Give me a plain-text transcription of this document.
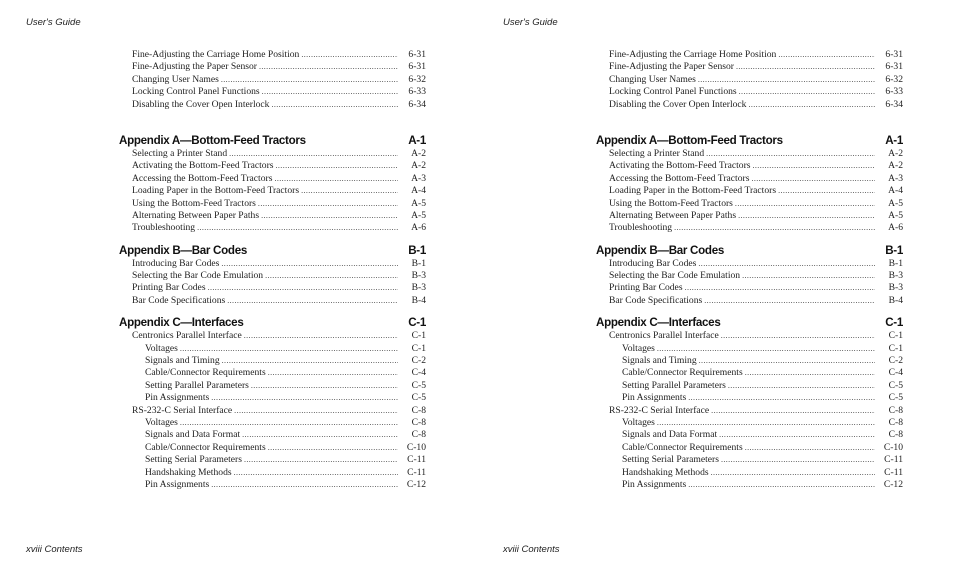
User's Guide
Fine-Adjusting the Carriage Home Position .....	6-31
Fine-Adjusting the Paper Sensor .....	6-31
Changing User Names .....	6-32
Locking Control Panel Functions .....	6-33
Disabling the Cover Open Interlock .....	6-34
Appendix A—Bottom-Feed Tractors	A-1
Selecting a Printer Stand .....	A-2
Activating the Bottom-Feed Tractors .....	A-2
Accessing the Bottom-Feed Tractors .....	A-3
Loading Paper in the Bottom-Feed Tractors .....	A-4
Using the Bottom-Feed Tractors .....	A-5
Alternating Between Paper Paths .....	A-5
Troubleshooting .....	A-6
Appendix B—Bar Codes	B-1
Introducing Bar Codes .....	B-1
Selecting the Bar Code Emulation .....	B-3
Printing Bar Codes .....	B-3
Bar Code Specifications .....	B-4
Appendix C—Interfaces	C-1
Centronics Parallel Interface .....	C-1
Voltages .....	C-1
Signals and Timing .....	C-2
Cable/Connector Requirements .....	C-4
Setting Parallel Parameters .....	C-5
Pin Assignments .....	C-5
RS-232-C Serial Interface .....	C-8
Voltages .....	C-8
Signals and Data Format .....	C-8
Cable/Connector Requirements .....	C-10
Setting Serial Parameters .....	C-11
Handshaking Methods .....	C-11
Pin Assignments .....	C-12
xviii Contents
User's Guide
Fine-Adjusting the Carriage Home Position .....	6-31
Fine-Adjusting the Paper Sensor .....	6-31
Changing User Names .....	6-32
Locking Control Panel Functions .....	6-33
Disabling the Cover Open Interlock .....	6-34
Appendix A—Bottom-Feed Tractors	A-1
Selecting a Printer Stand .....	A-2
Activating the Bottom-Feed Tractors .....	A-2
Accessing the Bottom-Feed Tractors .....	A-3
Loading Paper in the Bottom-Feed Tractors .....	A-4
Using the Bottom-Feed Tractors .....	A-5
Alternating Between Paper Paths .....	A-5
Troubleshooting .....	A-6
Appendix B—Bar Codes	B-1
Introducing Bar Codes .....	B-1
Selecting the Bar Code Emulation .....	B-3
Printing Bar Codes .....	B-3
Bar Code Specifications .....	B-4
Appendix C—Interfaces	C-1
Centronics Parallel Interface .....	C-1
Voltages .....	C-1
Signals and Timing .....	C-2
Cable/Connector Requirements .....	C-4
Setting Parallel Parameters .....	C-5
Pin Assignments .....	C-5
RS-232-C Serial Interface .....	C-8
Voltages .....	C-8
Signals and Data Format .....	C-8
Cable/Connector Requirements .....	C-10
Setting Serial Parameters .....	C-11
Handshaking Methods .....	C-11
Pin Assignments .....	C-12
xviii Contents
